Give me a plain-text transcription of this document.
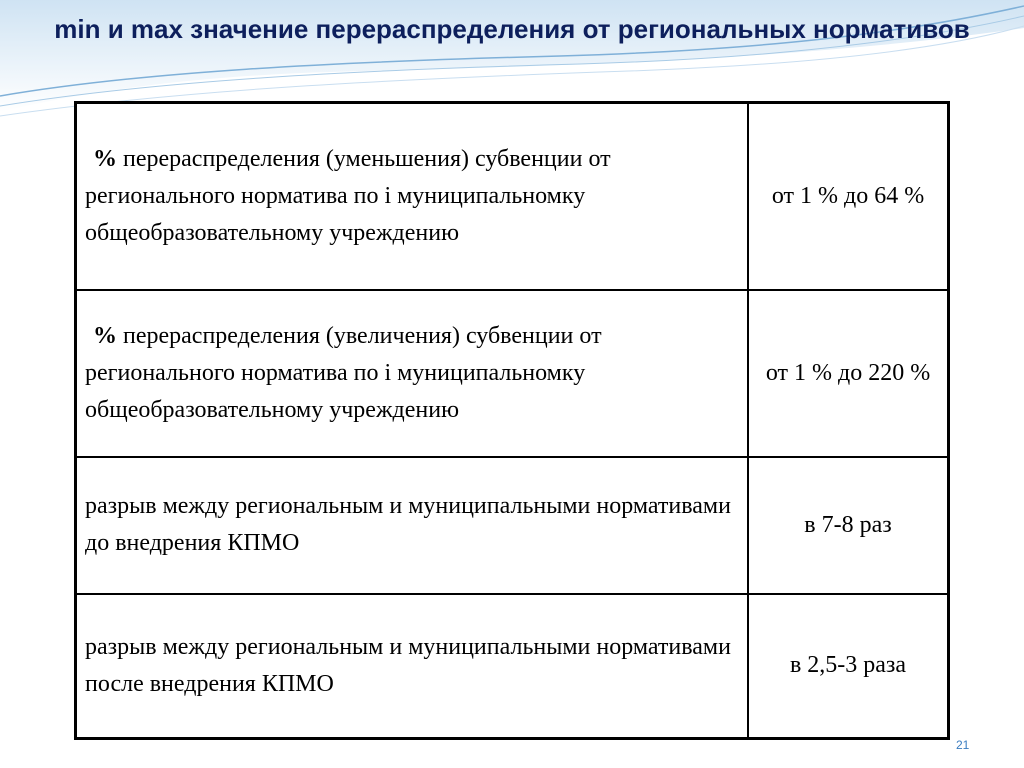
min и max значение перераспределения от региональных нормативов
% перераспределения (уменьшения) субвенции от регионального норматива по i муниципальномку общеобразовательному учреждению	от 1 % до 64 %
% перераспределения (увеличения) субвенции от регионального норматива по i муниципальномку общеобразовательному учреждению	от 1 % до 220 %
разрыв между региональным и муниципальными нормативами до внедрения КПМО	в 7-8 раз
разрыв между региональным и муниципальными нормативами после внедрения КПМО	в 2,5-3 раза
21
